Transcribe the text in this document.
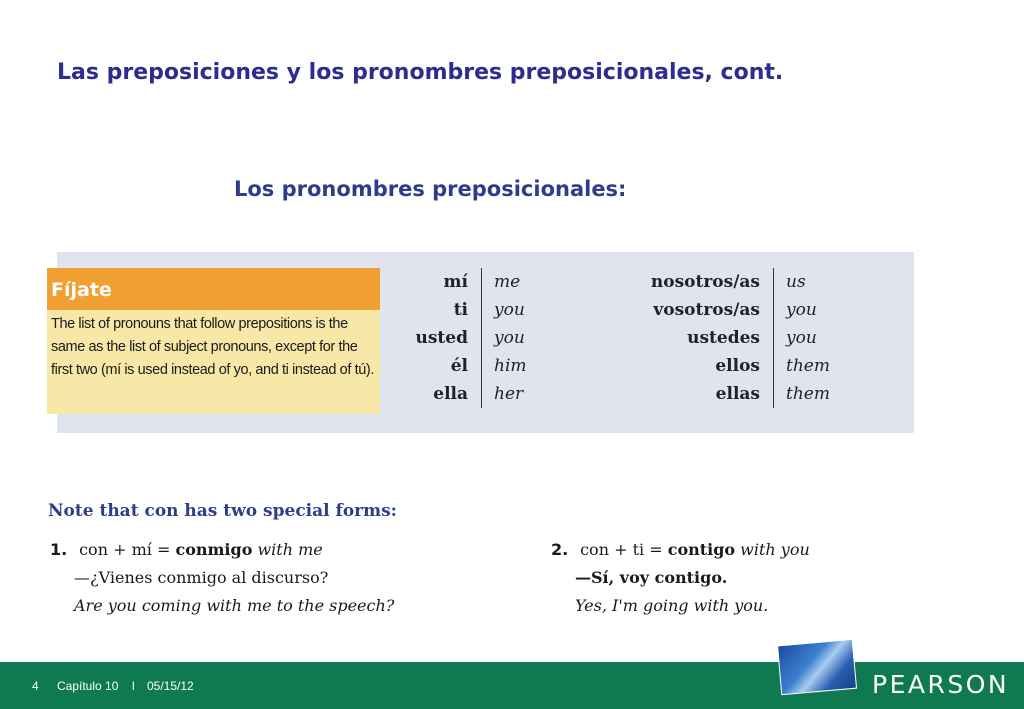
Las preposiciones y los pronombres preposicionales, cont.
Los pronombres preposicionales:
Fíjate
The list of pronouns that follow prepositions is the same as the list of subject pronouns, except for the first two (mí is used instead of yo, and ti instead of tú).
mí	me
ti	you
usted	you
él	him
ella	her
nosotros/as	us
vosotros/as	you
ustedes	you
ellos	them
ellas	them
Note that con has two special forms:
1. con + mí = conmigo with me
—¿Vienes conmigo al discurso?
Are you coming with me to the speech?
2. con + ti = contigo with you
—Sí, voy contigo.
Yes, I'm going with you.
4 Capítulo 10 l 05/15/12	PEARSON
